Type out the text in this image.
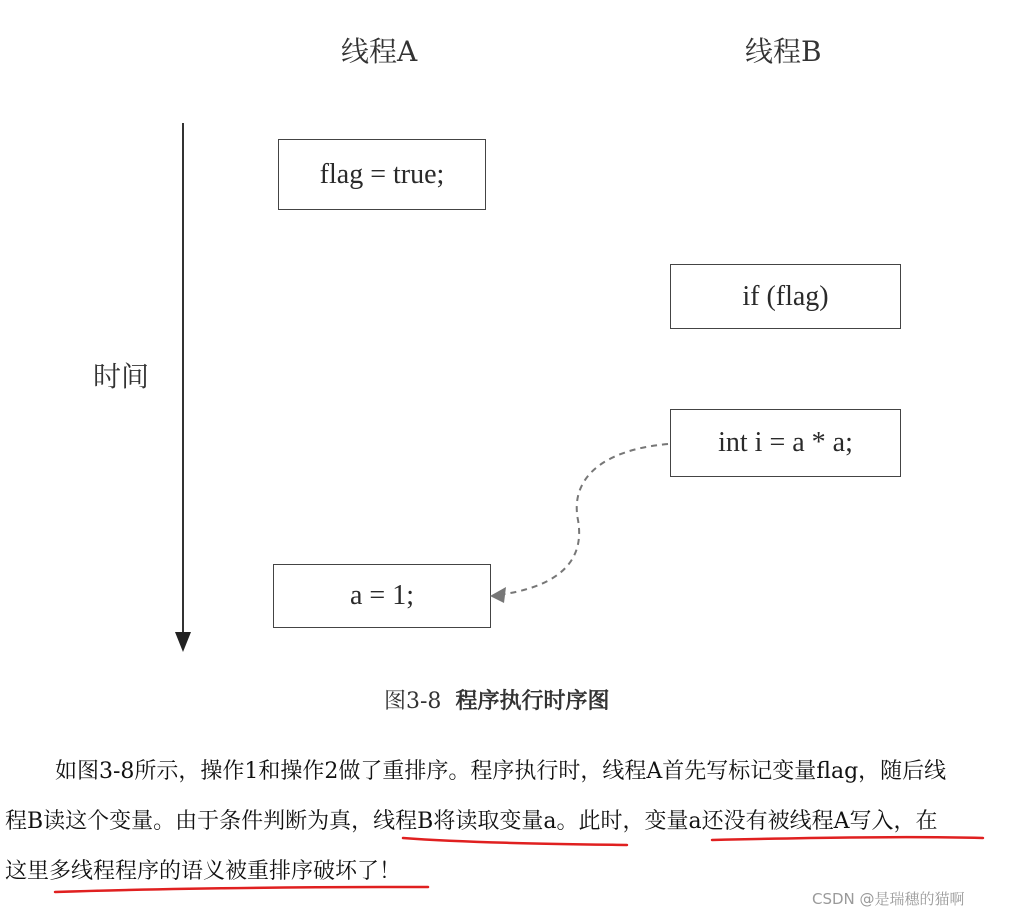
线程A	线程B
时间
flag = true;
if (flag)
int i = a * a;
a = 1;
图3-8 程序执行时序图
如图3-8所示，操作1和操作2做了重排序。程序执行时，线程A首先写标记变量flag，随后线
程B读这个变量。由于条件判断为真，线程B将读取变量a。此时，变量a还没有被线程A写入，在
这里多线程程序的语义被重排序破坏了！
CSDN @是瑞穗的猫啊
